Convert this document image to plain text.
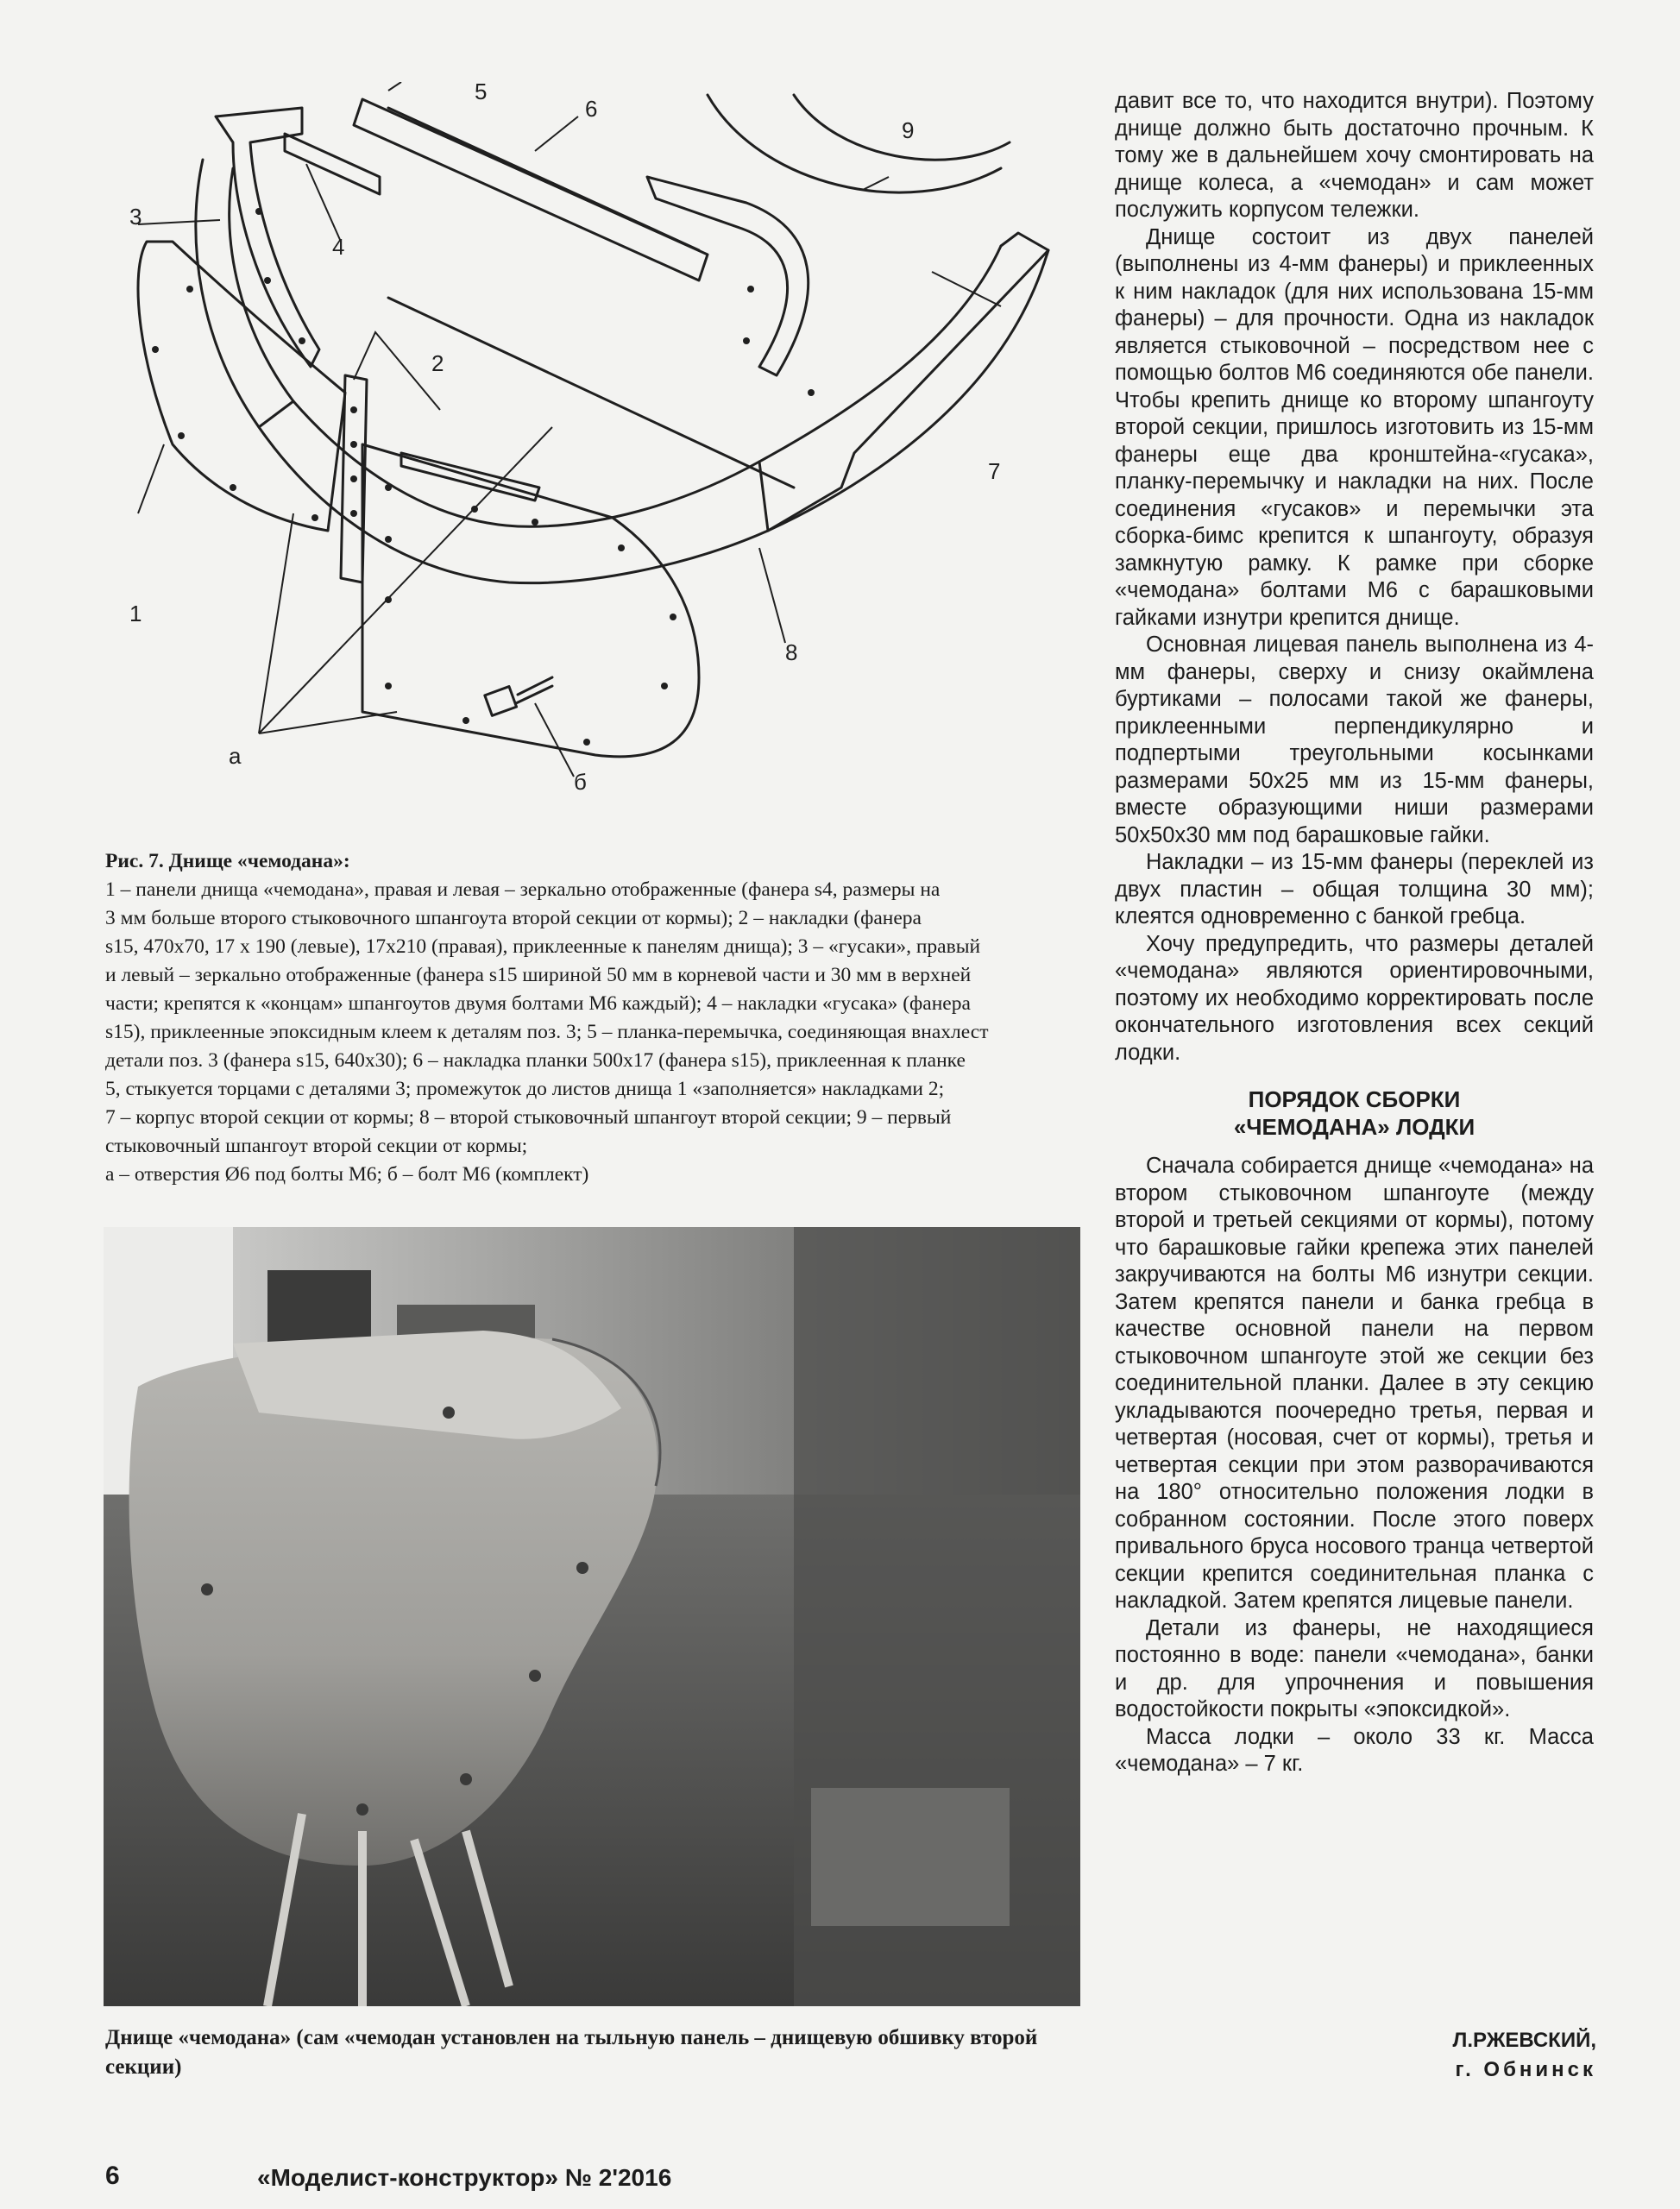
3
4
5
6
9
7
8
2
1
а
б
Рис. 7. Днище «чемодана»:
1 – панели днища «чемодана», правая и левая – зеркально отображенные (фанера s4, размеры на
3 мм больше второго стыковочного шпангоута второй секции от кормы); 2 – накладки (фанера
s15, 470х70, 17 х 190 (левые), 17х210 (правая), приклеенные к панелям днища); 3 – «гусаки», правый
и левый – зеркально отображенные (фанера s15 шириной 50 мм в корневой части и 30 мм в верхней
части; крепятся к «концам» шпангоутов двумя болтами М6 каждый); 4 – накладки «гусака» (фанера
s15), приклеенные эпоксидным клеем к деталям поз. 3; 5 – планка-перемычка, соединяющая внахлест
детали поз. 3 (фанера s15, 640х30); 6 – накладка планки 500х17 (фанера s15), приклеенная к планке
5, стыкуется торцами с деталями 3; промежуток до листов днища 1 «заполняется» накладками 2;
7 – корпус второй секции от кормы; 8 – второй стыковочный шпангоут второй секции; 9 – первый
стыковочный шпангоут второй секции от кормы;
а – отверстия Ø6 под болты М6; б – болт М6 (комплект)
Днище «чемодана» (сам «чемодан установлен на тыльную панель – днищевую обшивку второй секции)

давит все то, что находится внутри). Поэтому днище должно быть достаточно прочным. К тому же в дальнейшем хочу смонтировать на днище колеса, а «чемодан» и сам может послужить корпусом тележки.

Днище состоит из двух панелей (выполнены из 4-мм фанеры) и приклеенных к ним накладок (для них использована 15-мм фанеры) – для прочности. Одна из накладок является стыковочной – посредством нее с помощью болтов М6 соединяются обе панели. Чтобы крепить днище ко второму шпангоуту второй секции, пришлось изготовить из 15-мм фанеры еще два кронштейна-«гусака», планку-перемычку и накладки на них. После соединения «гусаков» и перемычки эта сборка-бимс крепится к шпангоуту, образуя замкнутую рамку. К рамке при сборке «чемодана» болтами М6 с барашковыми гайками изнутри крепится днище.

Основная лицевая панель выполнена из 4-мм фанеры, сверху и снизу окаймлена буртиками – полосами такой же фанеры, приклеенными перпендикулярно и подпертыми треугольными косынками размерами 50х25 мм из 15-мм фанеры, вместе образующими ниши размерами 50х50х30 мм под барашковые гайки.

Накладки – из 15-мм фанеры (переклей из двух пластин – общая толщина 30 мм); клеятся одновременно с банкой гребца.

Хочу предупредить, что размеры деталей «чемодана» являются ориентировочными, поэтому их необходимо корректировать после окончательного изготовления всех секций лодки.

ПОРЯДОК СБОРКИ
«ЧЕМОДАНА» ЛОДКИ

Сначала собирается днище «чемодана» на втором стыковочном шпангоуте (между второй и третьей секциями от кормы), потому что барашковые гайки крепежа этих панелей закручиваются на болты М6 изнутри секции. Затем крепятся панели и банка гребца в качестве основной панели на первом стыковочном шпангоуте этой же секции без соединительной планки. Далее в эту секцию укладываются поочередно третья, первая и четвертая (носовая, счет от кормы), третья и четвертая секции при этом разворачиваются на 180° относительно положения лодки в собранном состоянии. После этого поверх привального бруса носового транца четвертой секции крепится соединительная планка с накладкой. Затем крепятся лицевые панели.

Детали из фанеры, не находящиеся постоянно в воде: панели «чемодана», банки и др. для упрочнения и повышения водостойкости покрыты «эпоксидкой».

Масса лодки – около 33 кг. Масса «чемодана» – 7 кг.

Л.РЖЕВСКИЙ,
г. Обнинск
6	«Моделист-конструктор» № 2'2016
